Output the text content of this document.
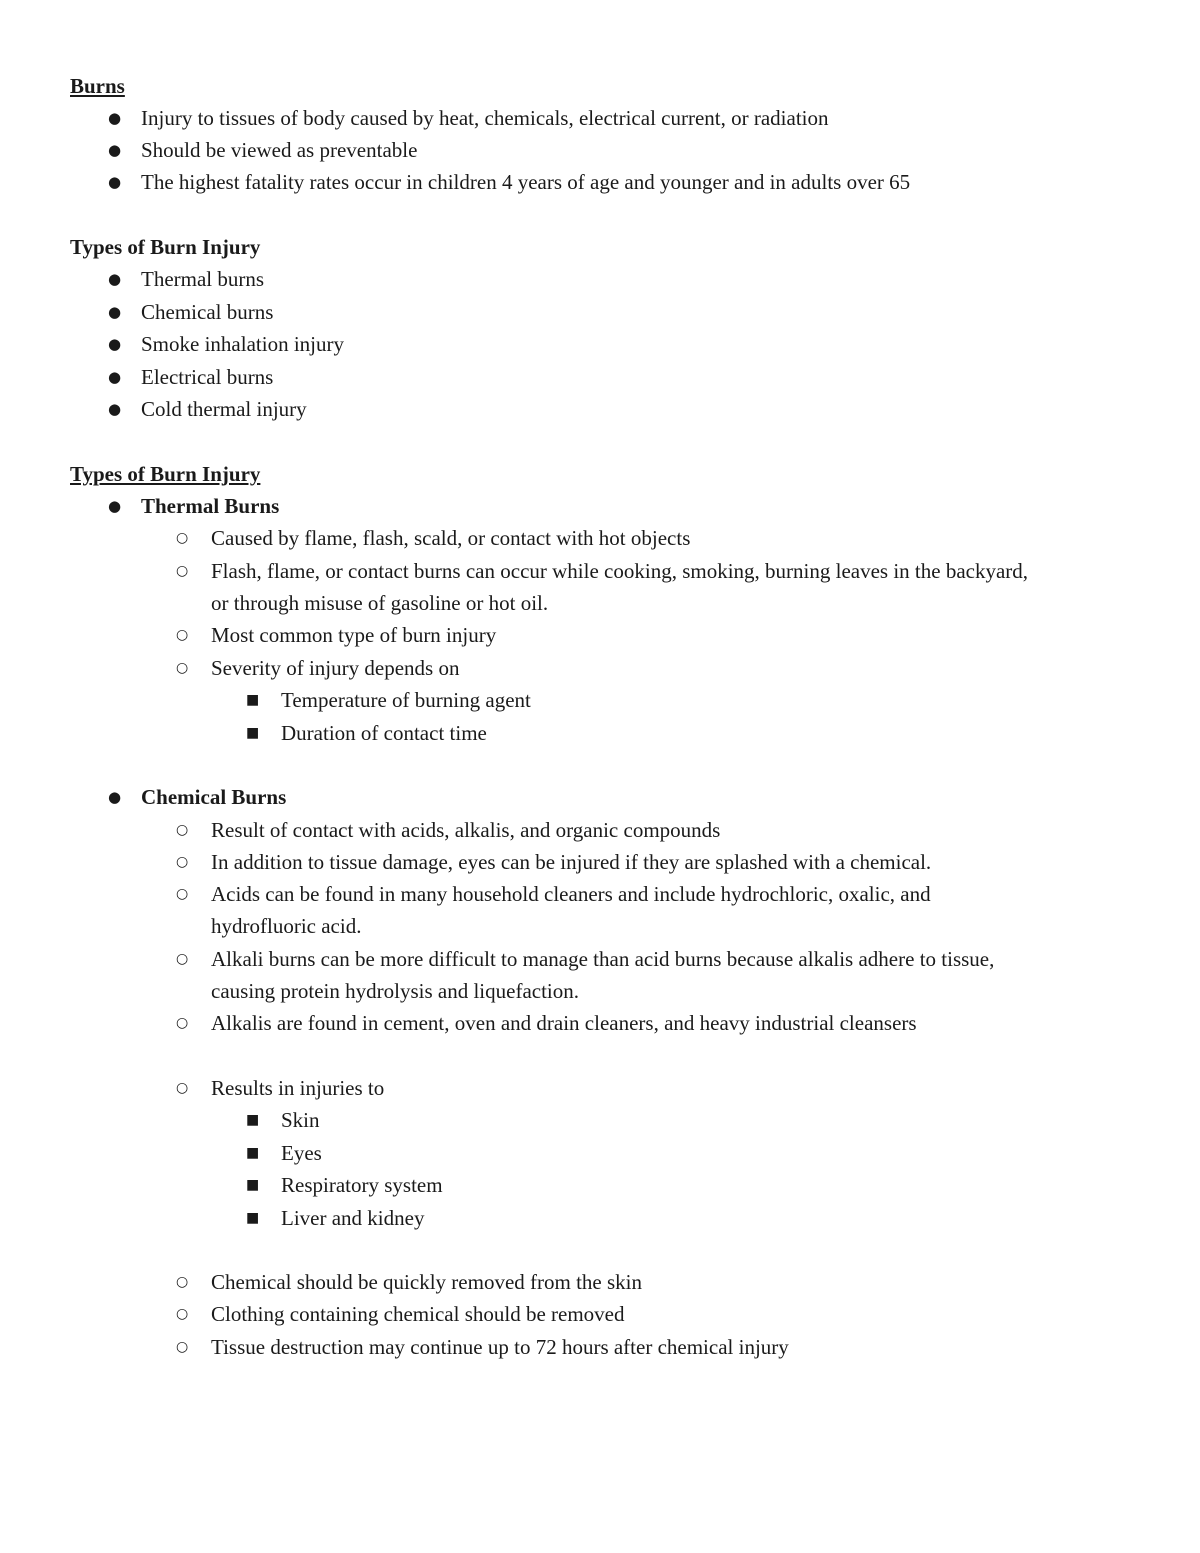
Burns
● Injury to tissues of body caused by heat, chemicals, electrical current, or radiation
● Should be viewed as preventable
● The highest fatality rates occur in children 4 years of age and younger and in adults over 65
Types of Burn Injury
● Thermal burns
● Chemical burns
● Smoke inhalation injury
● Electrical burns
● Cold thermal injury
Types of Burn Injury
● Thermal Burns
○ Caused by flame, flash, scald, or contact with hot objects
○ Flash, flame, or contact burns can occur while cooking, smoking, burning leaves in the backyard,
or through misuse of gasoline or hot oil.
○ Most common type of burn injury
○ Severity of injury depends on
■ Temperature of burning agent
■ Duration of contact time
● Chemical Burns
○ Result of contact with acids, alkalis, and organic compounds
○ In addition to tissue damage, eyes can be injured if they are splashed with a chemical.
○ Acids can be found in many household cleaners and include hydrochloric, oxalic, and
hydrofluoric acid.
○ Alkali burns can be more difficult to manage than acid burns because alkalis adhere to tissue,
causing protein hydrolysis and liquefaction.
○ Alkalis are found in cement, oven and drain cleaners, and heavy industrial cleansers
○ Results in injuries to
■ Skin
■ Eyes
■ Respiratory system
■ Liver and kidney
○ Chemical should be quickly removed from the skin
○ Clothing containing chemical should be removed
○ Tissue destruction may continue up to 72 hours after chemical injury
